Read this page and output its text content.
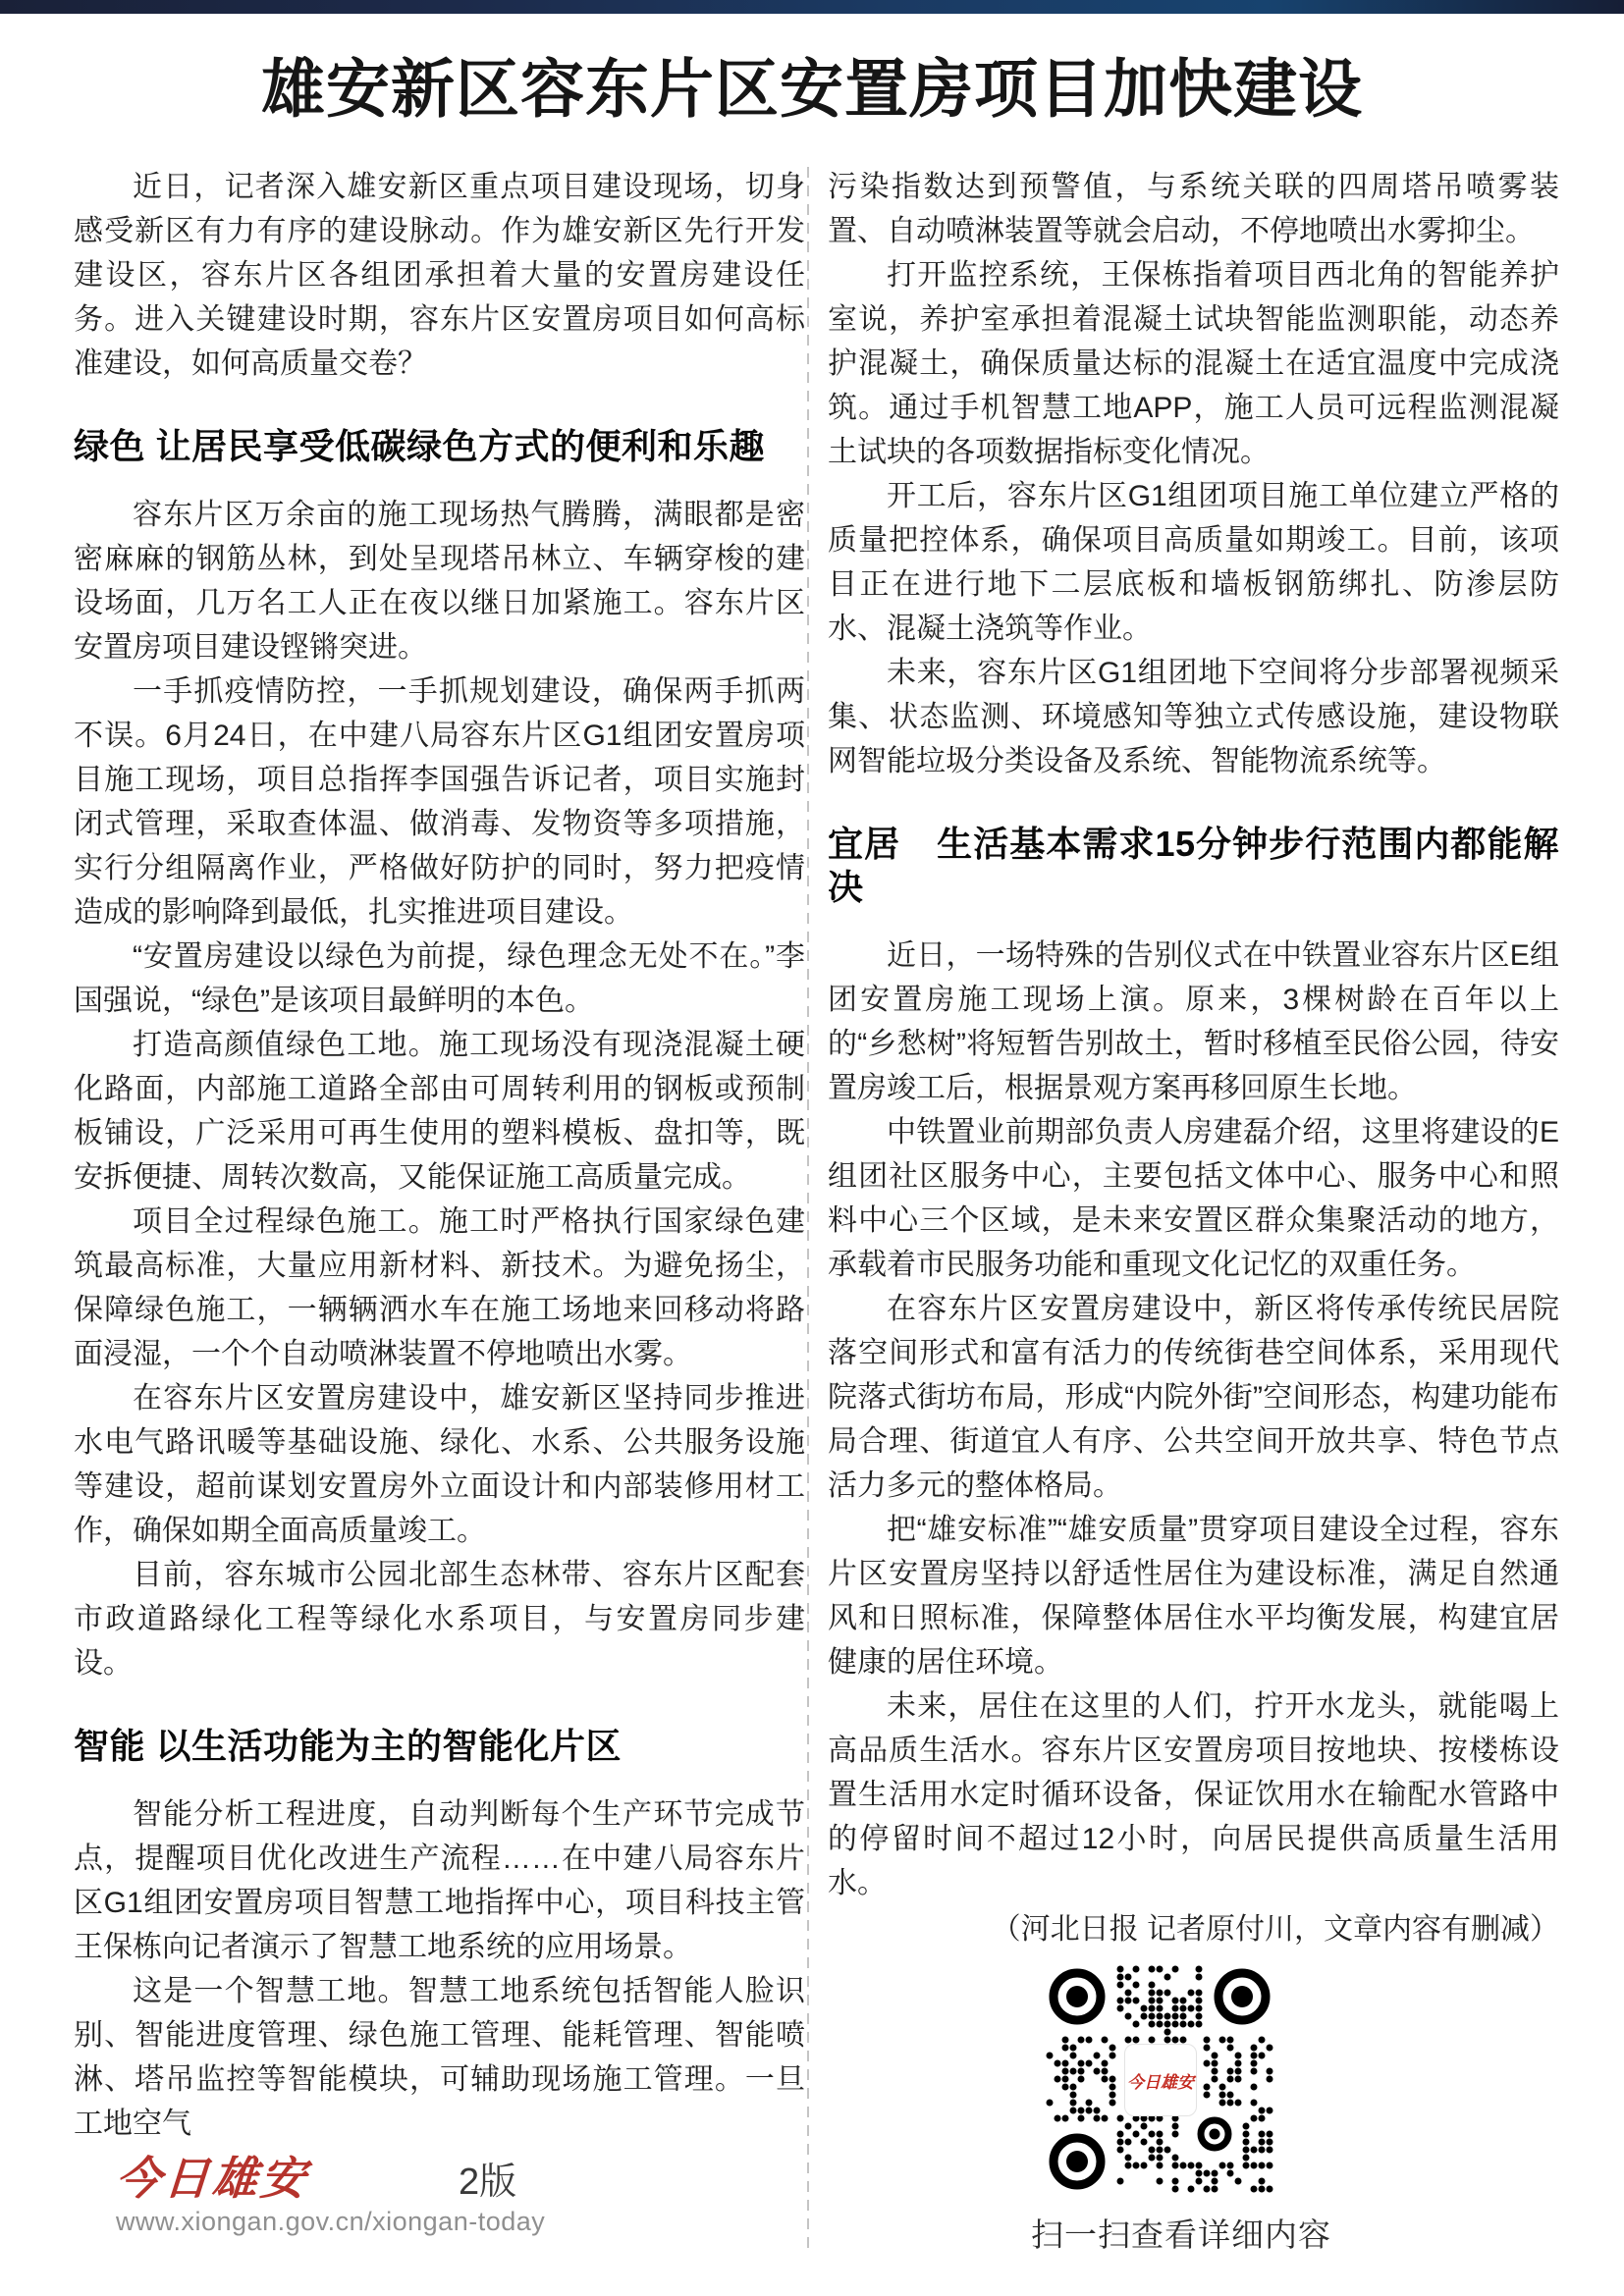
雄安新区容东片区安置房项目加快建设

近日，记者深入雄安新区重点项目建设现场，切身感受新区有力有序的建设脉动。作为雄安新区先行开发建设区，容东片区各组团承担着大量的安置房建设任务。进入关键建设时期，容东片区安置房项目如何高标准建设，如何高质量交卷？

绿色 让居民享受低碳绿色方式的便利和乐趣

容东片区万余亩的施工现场热气腾腾，满眼都是密密麻麻的钢筋丛林，到处呈现塔吊林立、车辆穿梭的建设场面，几万名工人正在夜以继日加紧施工。容东片区安置房项目建设铿锵突进。

一手抓疫情防控，一手抓规划建设，确保两手抓两不误。6月24日，在中建八局容东片区G1组团安置房项目施工现场，项目总指挥李国强告诉记者，项目实施封闭式管理，采取查体温、做消毒、发物资等多项措施，实行分组隔离作业，严格做好防护的同时，努力把疫情造成的影响降到最低，扎实推进项目建设。

“安置房建设以绿色为前提，绿色理念无处不在。”李国强说，“绿色”是该项目最鲜明的本色。

打造高颜值绿色工地。施工现场没有现浇混凝土硬化路面，内部施工道路全部由可周转利用的钢板或预制板铺设，广泛采用可再生使用的塑料模板、盘扣等，既安拆便捷、周转次数高，又能保证施工高质量完成。

项目全过程绿色施工。施工时严格执行国家绿色建筑最高标准，大量应用新材料、新技术。为避免扬尘，保障绿色施工，一辆辆洒水车在施工场地来回移动将路面浸湿，一个个自动喷淋装置不停地喷出水雾。

在容东片区安置房建设中，雄安新区坚持同步推进水电气路讯暖等基础设施、绿化、水系、公共服务设施等建设，超前谋划安置房外立面设计和内部装修用材工作，确保如期全面高质量竣工。

目前，容东城市公园北部生态林带、容东片区配套市政道路绿化工程等绿化水系项目，与安置房同步建设。

智能 以生活功能为主的智能化片区

智能分析工程进度，自动判断每个生产环节完成节点，提醒项目优化改进生产流程……在中建八局容东片区G1组团安置房项目智慧工地指挥中心，项目科技主管王保栋向记者演示了智慧工地系统的应用场景。

这是一个智慧工地。智慧工地系统包括智能人脸识别、智能进度管理、绿色施工管理、能耗管理、智能喷淋、塔吊监控等智能模块，可辅助现场施工管理。一旦工地空气

污染指数达到预警值，与系统关联的四周塔吊喷雾装置、自动喷淋装置等就会启动，不停地喷出水雾抑尘。

打开监控系统，王保栋指着项目西北角的智能养护室说，养护室承担着混凝土试块智能监测职能，动态养护混凝土，确保质量达标的混凝土在适宜温度中完成浇筑。通过手机智慧工地APP，施工人员可远程监测混凝土试块的各项数据指标变化情况。

开工后，容东片区G1组团项目施工单位建立严格的质量把控体系，确保项目高质量如期竣工。目前，该项目正在进行地下二层底板和墙板钢筋绑扎、防渗层防水、混凝土浇筑等作业。

未来，容东片区G1组团地下空间将分步部署视频采集、状态监测、环境感知等独立式传感设施，建设物联网智能垃圾分类设备及系统、智能物流系统等。

宜居　生活基本需求15分钟步行范围内都能解决

近日，一场特殊的告别仪式在中铁置业容东片区E组团安置房施工现场上演。原来，3棵树龄在百年以上的“乡愁树”将短暂告别故土，暂时移植至民俗公园，待安置房竣工后，根据景观方案再移回原生长地。

中铁置业前期部负责人房建磊介绍，这里将建设的E组团社区服务中心，主要包括文体中心、服务中心和照料中心三个区域，是未来安置区群众集聚活动的地方，承载着市民服务功能和重现文化记忆的双重任务。

在容东片区安置房建设中，新区将传承传统民居院落空间形式和富有活力的传统街巷空间体系，采用现代院落式街坊布局，形成“内院外街”空间形态，构建功能布局合理、街道宜人有序、公共空间开放共享、特色节点活力多元的整体格局。

把“雄安标准”“雄安质量”贯穿项目建设全过程，容东片区安置房坚持以舒适性居住为建设标准，满足自然通风和日照标准，保障整体居住水平均衡发展，构建宜居健康的居住环境。

未来，居住在这里的人们，拧开水龙头，就能喝上高品质生活水。容东片区安置房项目按地块、按楼栋设置生活用水定时循环设备，保证饮用水在输配水管路中的停留时间不超过12小时，向居民提供高质量生活用水。

（河北日报 记者原付川，文章内容有删减）

今日雄安
扫一扫查看详细内容
今日雄安	2版
www.xiongan.gov.cn/xiongan-today
